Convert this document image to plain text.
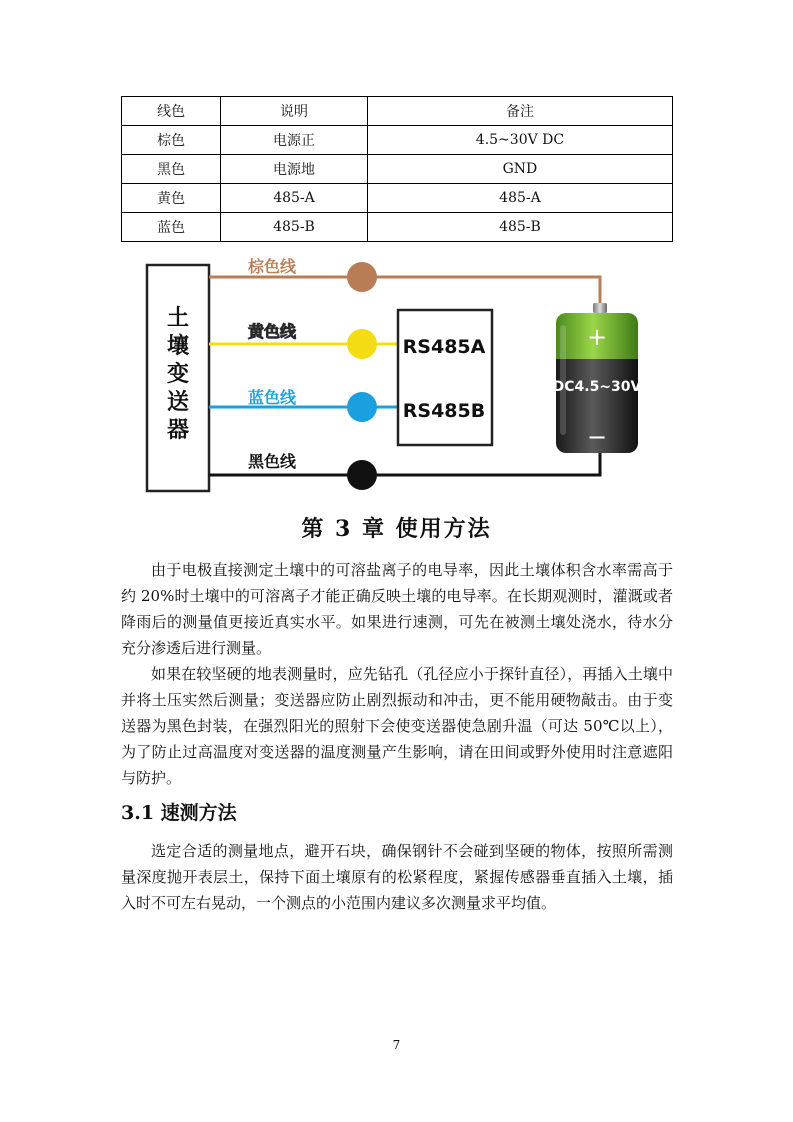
线色	说明	备注
棕色	电源正	4.5~30V DC
黑色	电源地	GND
黄色	485-A	485-A
蓝色	485-B	485-B
土
壤
变
送
器
棕色线
黄色线
蓝色线
黑色线
RS485A
RS485B
+
DC4.5~30V
−
第 3 章 使用方法

由于电极直接测定土壤中的可溶盐离子的电导率，因此土壤体积含水率需高于约 20%时土壤中的可溶离子才能正确反映土壤的电导率。在长期观测时，灌溉或者降雨后的测量值更接近真实水平。如果进行速测，可先在被测土壤处浇水，待水分充分渗透后进行测量。

如果在较坚硬的地表测量时，应先钻孔（孔径应小于探针直径），再插入土壤中并将土压实然后测量；变送器应防止剧烈振动和冲击，更不能用硬物敲击。由于变送器为黑色封装，在强烈阳光的照射下会使变送器使急剧升温（可达 50℃以上），为了防止过高温度对变送器的温度测量产生影响，请在田间或野外使用时注意遮阳与防护。

3.1 速测方法

选定合适的测量地点，避开石块，确保钢针不会碰到坚硬的物体，按照所需测量深度抛开表层土，保持下面土壤原有的松紧程度，紧握传感器垂直插入土壤，插入时不可左右晃动，一个测点的小范围内建议多次测量求平均值。

7
